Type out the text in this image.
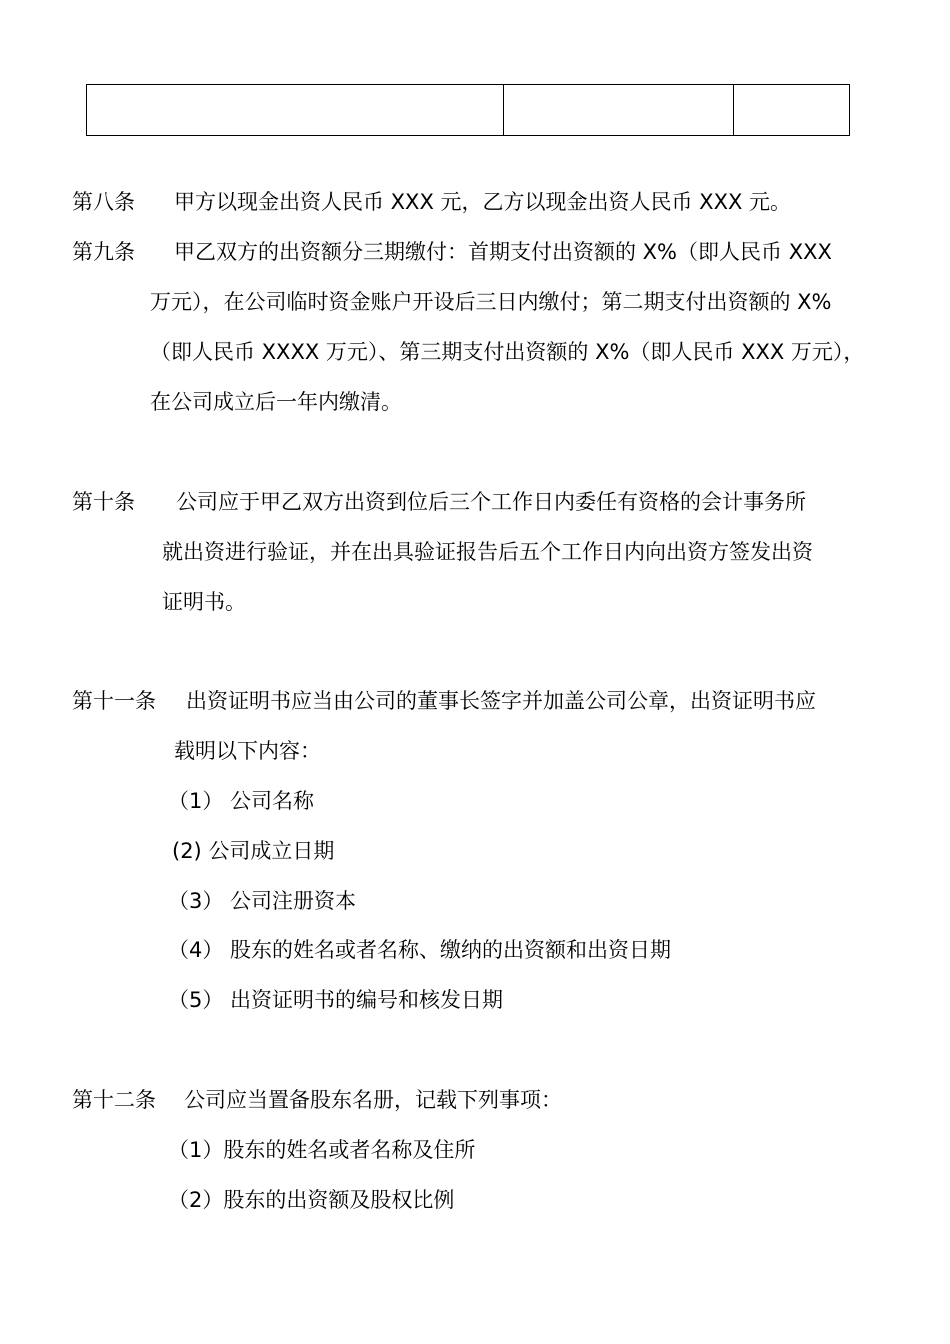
第八条 甲方以现金出资人民币 XXX 元，乙方以现金出资人民币 XXX 元。
第九条 甲乙双方的出资额分三期缴付：首期支付出资额的 X%（即人民币 XXX
万元），在公司临时资金账户开设后三日内缴付；第二期支付出资额的 X%
（即人民币 XXXX 万元）、第三期支付出资额的 X%（即人民币 XXX 万元），
在公司成立后一年内缴清。
第十条 公司应于甲乙双方出资到位后三个工作日内委任有资格的会计事务所
就出资进行验证，并在出具验证报告后五个工作日内向出资方签发出资
证明书。
第十一条 出资证明书应当由公司的董事长签字并加盖公司公章，出资证明书应
载明以下内容：
（1） 公司名称
(2) 公司成立日期
（3） 公司注册资本
（4） 股东的姓名或者名称、缴纳的出资额和出资日期
（5） 出资证明书的编号和核发日期
第十二条 公司应当置备股东名册，记载下列事项：
（1）股东的姓名或者名称及住所
（2）股东的出资额及股权比例
